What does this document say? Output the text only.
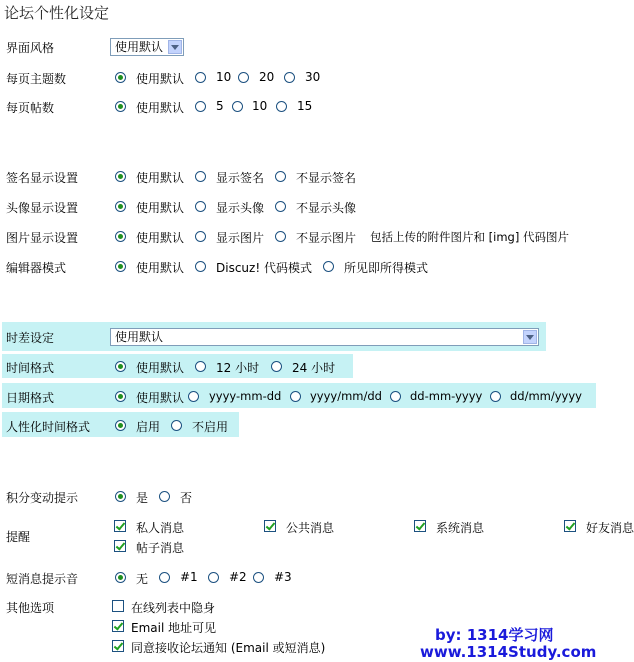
论坛个性化设定
界面风格	使用默认
每页主题数	使用默认	10 20	30
每页帖数	使用默认	5 10 15
签名显示设置	使用默认	显示签名	不显示签名
头像显示设置	使用默认	显示头像	不显示头像
图片显示设置	使用默认	显示图片	不显示图片 包括上传的附件图片和 [img] 代码图片
编辑器模式	使用默认	Discuz! 代码模式	所见即所得模式
时差设定	使用默认
时间格式	使用默认	12 小时	24 小时
日期格式	使用默认 yyyy-mm-dd yyyy/mm/dd dd-mm-yyyy dd/mm/yyyy
人性化时间格式	启用	不启用
积分变动提示	是	否
提醒
私人消息	公共消息	系统消息	好友消息
帖子消息
短消息提示音	无	#1	#2 #3
其他选项	在线列表中隐身
Email 地址可见
同意接收论坛通知 (Email 或短消息)
by: 1314学习网
www.1314Study.com
